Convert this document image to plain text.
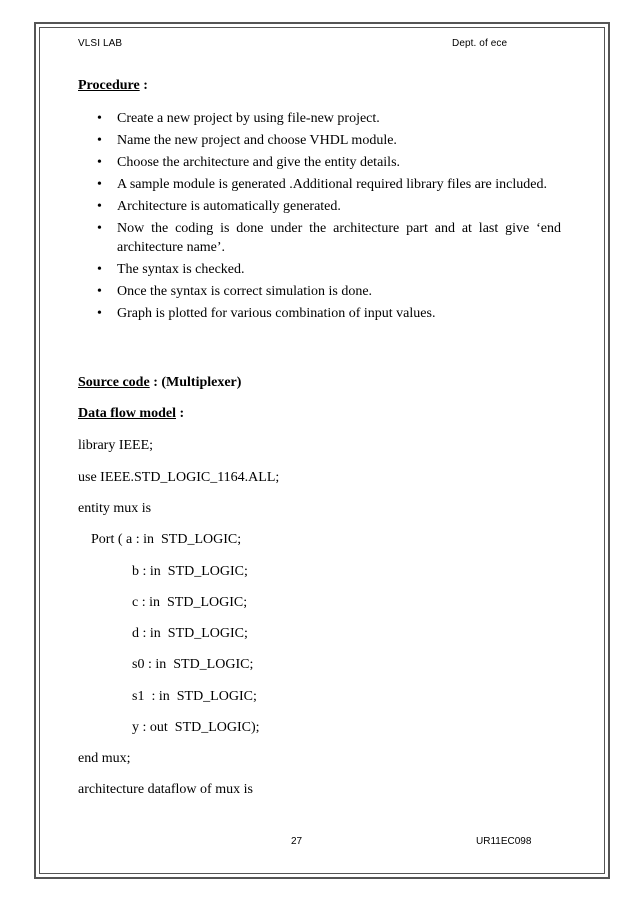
VLSI LAB	Dept. of ece
Procedure :
• Create a new project by using file-new project.
• Name the new project and choose VHDL module.
• Choose the architecture and give the entity details.
• A sample module is generated .Additional required library files are included.
• Architecture is automatically generated.
• Now the coding is done under the architecture part and at last give ‘end architecture name’.
• The syntax is checked.
• Once the syntax is correct simulation is done.
• Graph is plotted for various combination of input values.
Source code : (Multiplexer)
Data flow model :
library IEEE;
use IEEE.STD_LOGIC_1164.ALL;
entity mux is
Port ( a : in  STD_LOGIC;
b : in  STD_LOGIC;
c : in  STD_LOGIC;
d : in  STD_LOGIC;
s0 : in  STD_LOGIC;
s1  : in  STD_LOGIC;
y : out  STD_LOGIC);
end mux;
architecture dataflow of mux is
27	UR11EC098
